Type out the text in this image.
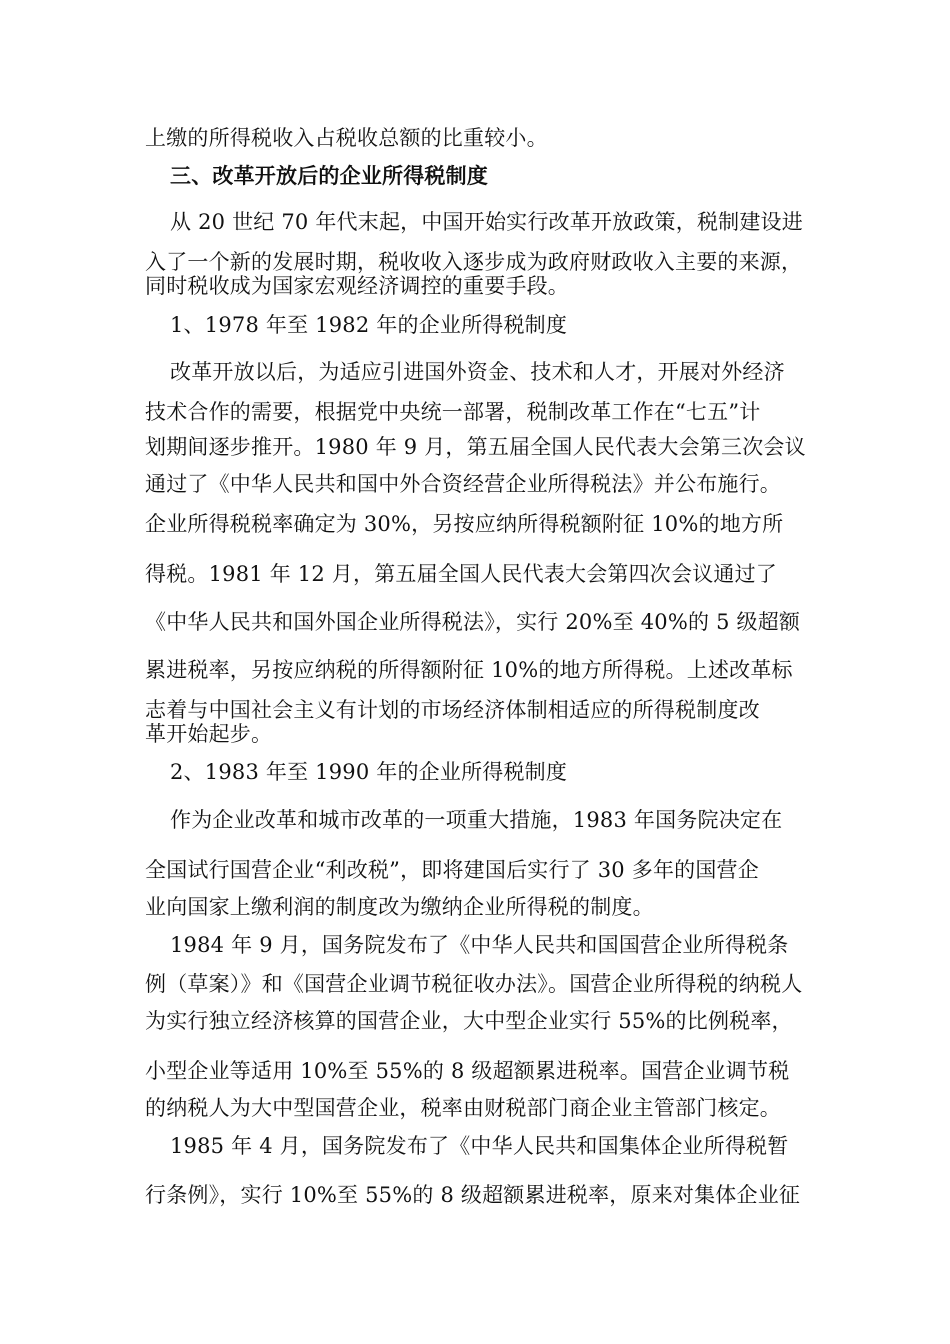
上缴的所得税收入占税收总额的比重较小。
三、改革开放后的企业所得税制度
从 20 世纪 70 年代末起，中国开始实行改革开放政策，税制建设进
入了一个新的发展时期，税收收入逐步成为政府财政收入主要的来源，
同时税收成为国家宏观经济调控的重要手段。
1、1978 年至 1982 年的企业所得税制度
改革开放以后，为适应引进国外资金、技术和人才，开展对外经济
技术合作的需要，根据党中央统一部署，税制改革工作在“七五”计
划期间逐步推开。1980 年 9 月，第五届全国人民代表大会第三次会议
通过了《中华人民共和国中外合资经营企业所得税法》并公布施行。
企业所得税税率确定为 30%，另按应纳所得税额附征 10%的地方所
得税。1981 年 12 月，第五届全国人民代表大会第四次会议通过了
《中华人民共和国外国企业所得税法》，实行 20%至 40%的 5 级超额
累进税率，另按应纳税的所得额附征 10%的地方所得税。上述改革标
志着与中国社会主义有计划的市场经济体制相适应的所得税制度改
革开始起步。
2、1983 年至 1990 年的企业所得税制度
作为企业改革和城市改革的一项重大措施，1983 年国务院决定在
全国试行国营企业“利改税”，即将建国后实行了 30 多年的国营企
业向国家上缴利润的制度改为缴纳企业所得税的制度。
1984 年 9 月，国务院发布了《中华人民共和国国营企业所得税条
例（草案）》和《国营企业调节税征收办法》。国营企业所得税的纳税人
为实行独立经济核算的国营企业，大中型企业实行 55%的比例税率，
小型企业等适用 10%至 55%的 8 级超额累进税率。国营企业调节税
的纳税人为大中型国营企业，税率由财税部门商企业主管部门核定。
1985 年 4 月，国务院发布了《中华人民共和国集体企业所得税暂
行条例》，实行 10%至 55%的 8 级超额累进税率，原来对集体企业征
